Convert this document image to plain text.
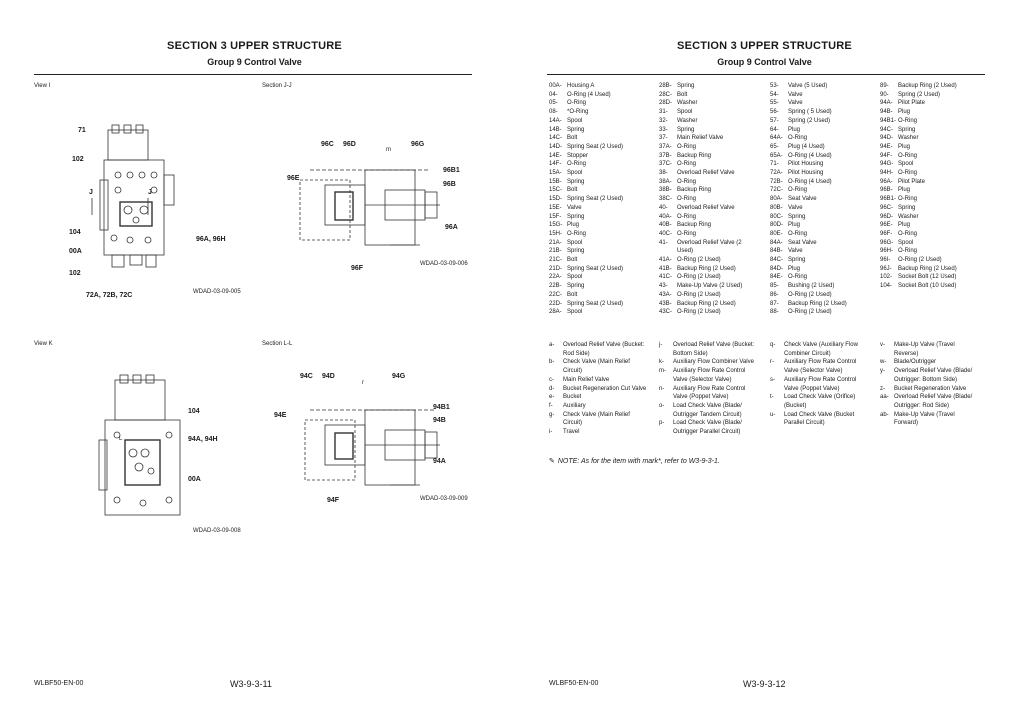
SECTION 3 UPPER STRUCTURE
Group 9 Control Valve
View I	Section J-J
View K	Section L-L
71
102
J	J
104
00A
102
96A, 96H
72A, 72B, 72C	WDAD-03-09-005
96C 96D
m
96G
96B1
96B
96E
96A
96F
WDAD-03-09-006
104
L	94A, 94H
00A
WDAD-03-09-008
94C 94D
r
94G
94E
94B1
94B
94A
94F	WDAD-03-09-009
WLBF50-EN-00	W3-9-3-11
SECTION 3 UPPER STRUCTURE
Group 9 Control Valve
00A- Housing A
04-	O-Ring (4 Used)
05-	O-Ring
08-	*O-Ring
14A- Spool
14B- Spring
14C- Bolt
14D- Spring Seat (2 Used)
14E- Stopper
14F- O-Ring
15A- Spool
15B- Spring
15C- Bolt
15D- Spring Seat (2 Used)
15E- Valve
15F- Spring
15G- Plug
15H- O-Ring
21A- Spool
21B- Spring
21C- Bolt
21D- Spring Seat (2 Used)
22A- Spool
22B- Spring
22C- Bolt
22D- Spring Seat (2 Used)
28A- Spool
28B- Spring
28C- Bolt
28D- Washer
31-	Spool
32-	Washer
33-	Spring
37-	Main Relief Valve
37A- O-Ring
37B- Backup Ring
37C- O-Ring
38-	Overload Relief Valve
38A- O-Ring
38B- Backup Ring
38C- O-Ring
40-	Overload Relief Valve
40A- O-Ring
40B- Backup Ring
40C- O-Ring
41-	Overload Relief Valve (2
Used)
41A- O-Ring (2 Used)
41B- Backup Ring (2 Used)
41C- O-Ring (2 Used)
43-	Make-Up Valve (2 Used)
43A- O-Ring (2 Used)
43B- Backup Ring (2 Used)
43C- O-Ring (2 Used)
53-	Valve (5 Used)
54-	Valve
55-	Valve
56-	Spring ( 5 Used)
57-	Spring (2 Used)
64-	Plug
64A- O-Ring
65-	Plug (4 Used)
65A- O-Ring (4 Used)
71-	Pilot Housing
72A- Pilot Housing
72B- O-Ring (4 Used)
72C- O-Ring
80A- Seat Valve
80B- Valve
80C- Spring
80D- Plug
80E- O-Ring
84A- Seat Valve
84B- Valve
84C- Spring
84D- Plug
84E- O-Ring
85-	Bushing (2 Used)
86-	O-Ring (2 Used)
87-	Backup Ring (2 Used)
88-	O-Ring (2 Used)
89-	Backup Ring (2 Used)
90-	Spring (2 Used)
94A- Pilot Plate
94B- Plug
94B1- O-Ring
94C- Spring
94D- Washer
94E- Plug
94F- O-Ring
94G- Spool
94H- O-Ring
96A- Pilot Plate
96B- Plug
96B1- O-Ring
96C- Spring
96D- Washer
96E- Plug
96F- O-Ring
96G- Spool
96H- O-Ring
96I-	O-Ring (2 Used)
96J-	Backup Ring (2 Used)
102- Socket Bolt (12 Used)
104- Socket Bolt (10 Used)
a-	Overload Relief Valve (Bucket:
Rod Side)
b-	Check Valve (Main Relief
Circuit)
c-	Main Relief Valve
d-	Bucket Regeneration Cut Valve
e-	Bucket
f-	Auxiliary
g-	Check Valve (Main Relief
Circuit)
i-	Travel
j-	Overload Relief Valve (Bucket:
Bottom Side)
k-	Auxiliary Flow Combiner Valve
m-	Auxiliary Flow Rate Control
Valve (Selector Valve)
n-	Auxiliary Flow Rate Control
Valve (Poppet Valve)
o-	Load Check Valve (Blade/
Outrigger Tandem Circuit)
p-	Load Check Valve (Blade/
Outrigger Parallel Circuit)
q-	Check Valve (Auxiliary Flow
Combiner Circuit)
r-	Auxiliary Flow Rate Control
Valve (Selector Valve)
s-	Auxiliary Flow Rate Control
Valve (Poppet Valve)
t-	Load Check Valve (Orifice)
(Bucket)
u-	Load Check Valve (Bucket
Parallel Circuit)
v-	Make-Up Valve (Travel
Reverse)
w-	Blade/Outrigger
y-	Overload Relief Valve (Blade/
Outrigger: Bottom Side)
z-	Bucket Regeneration Valve
aa- Overload Relief Valve (Blade/
Outrigger: Rod Side)
ab- Make-Up Valve (Travel
Forward)
✎ NOTE: As for the item with mark*, refer to W3-9-3-1.
WLBF50-EN-00	W3-9-3-12
